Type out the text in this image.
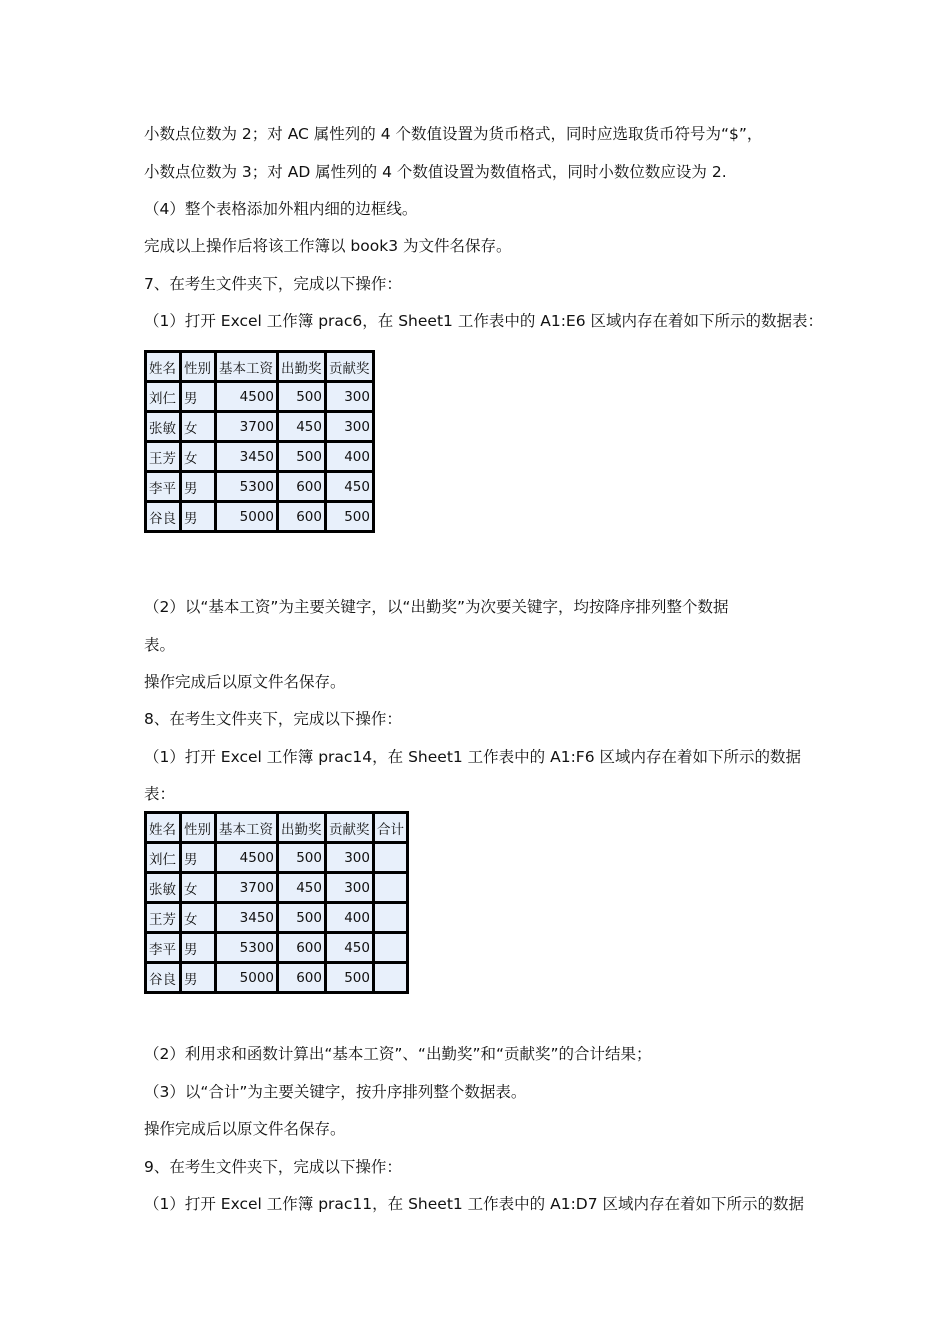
小数点位数为 2；对 AC 属性列的 4 个数值设置为货币格式，同时应选取货币符号为“$”，
小数点位数为 3；对 AD 属性列的 4 个数值设置为数值格式，同时小数位数应设为 2.
（4）整个表格添加外粗内细的边框线。
完成以上操作后将该工作簿以 book3 为文件名保存。
7、在考生文件夹下，完成以下操作：
（1）打开 Excel 工作簿 prac6，在 Sheet1 工作表中的 A1:E6 区域内存在着如下所示的数据表：
姓名	性别	基本工资	出勤奖	贡献奖
刘仁	男	4500	500	300
张敏	女	3700	450	300
王芳	女	3450	500	400
李平	男	5300	600	450
谷良	男	5000	600	500
（2）以“基本工资”为主要关键字，以“出勤奖”为次要关键字，均按降序排列整个数据
表。
操作完成后以原文件名保存。
8、在考生文件夹下，完成以下操作：
（1）打开 Excel 工作簿 prac14，在 Sheet1 工作表中的 A1:F6 区域内存在着如下所示的数据
表：
姓名	性别	基本工资	出勤奖	贡献奖	合计
刘仁	男	4500	500	300	
张敏	女	3700	450	300	
王芳	女	3450	500	400	
李平	男	5300	600	450	
谷良	男	5000	600	500	
（2）利用求和函数计算出“基本工资”、“出勤奖”和“贡献奖”的合计结果；
（3）以“合计”为主要关键字，按升序排列整个数据表。
操作完成后以原文件名保存。
9、在考生文件夹下，完成以下操作：
（1）打开 Excel 工作簿 prac11，在 Sheet1 工作表中的 A1:D7 区域内存在着如下所示的数据
